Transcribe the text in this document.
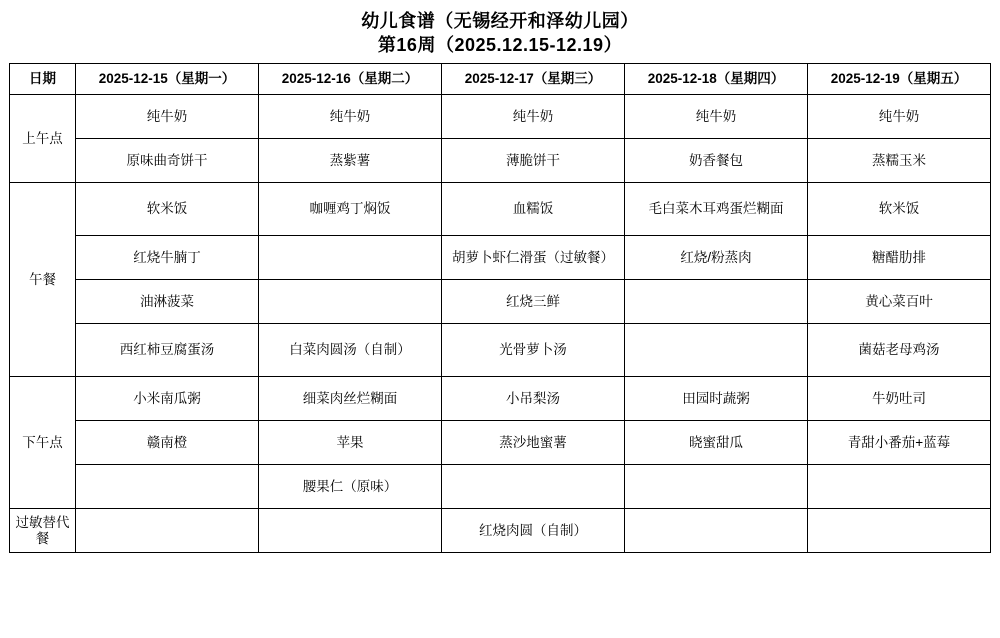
幼儿食谱（无锡经开和泽幼儿园）
第16周（2025.12.15-12.19）
日期	2025-12-15（星期一）	2025-12-16（星期二）	2025-12-17（星期三）	2025-12-18（星期四）	2025-12-19（星期五）
上午点	纯牛奶	纯牛奶	纯牛奶	纯牛奶	纯牛奶
	原味曲奇饼干	蒸紫薯	薄脆饼干	奶香餐包	蒸糯玉米
午餐	软米饭	咖喱鸡丁焖饭	血糯饭	毛白菜木耳鸡蛋烂糊面	软米饭
	红烧牛腩丁		胡萝卜虾仁滑蛋（过敏餐）	红烧/粉蒸肉	糖醋肋排
	油淋菠菜		红烧三鲜		黄心菜百叶
	西红柿豆腐蛋汤	白菜肉圆汤（自制）	光骨萝卜汤		菌菇老母鸡汤
下午点	小米南瓜粥	细菜肉丝烂糊面	小吊梨汤	田园时蔬粥	牛奶吐司
	赣南橙	苹果	蒸沙地蜜薯	晓蜜甜瓜	青甜小番茄+蓝莓
		腰果仁（原味）			
过敏替代餐			红烧肉圆（自制）		
